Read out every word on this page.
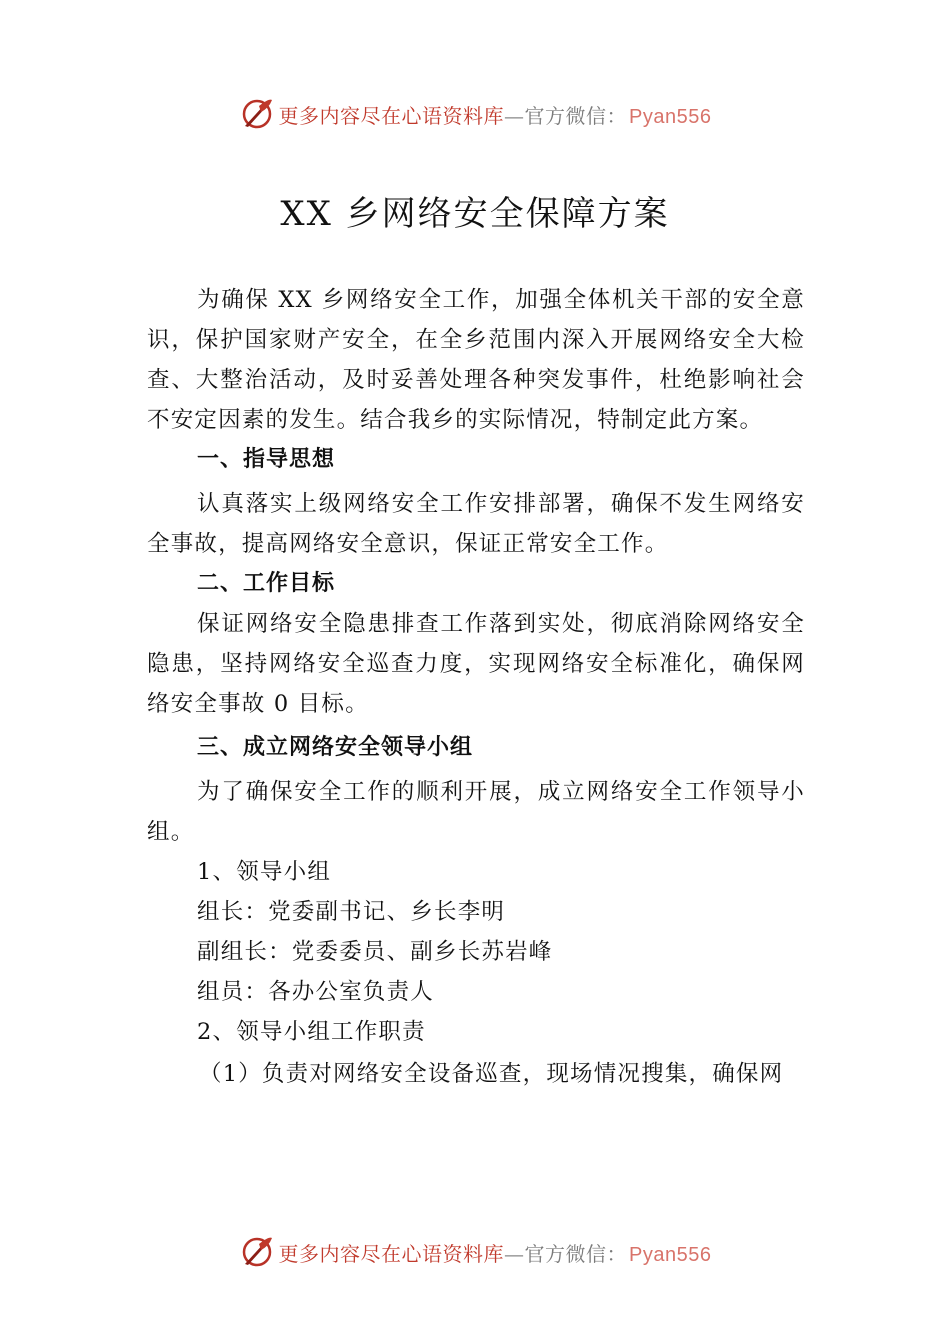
更多内容尽在心语资料库—官方微信： Pyan556
XX 乡网络安全保障方案

为确保 XX 乡网络安全工作，加强全体机关干部的安全意识，保护国家财产安全，在全乡范围内深入开展网络安全大检查、大整治活动，及时妥善处理各种突发事件，杜绝影响社会不安定因素的发生。结合我乡的实际情况，特制定此方案。

一、指导思想

认真落实上级网络安全工作安排部署，确保不发生网络安全事故，提高网络安全意识，保证正常安全工作。

二、工作目标

保证网络安全隐患排查工作落到实处，彻底消除网络安全隐患，坚持网络安全巡查力度，实现网络安全标准化，确保网络安全事故 0 目标。

三、成立网络安全领导小组

为了确保安全工作的顺利开展，成立网络安全工作领导小组。

1、领导小组

组长：党委副书记、乡长李明

副组长：党委委员、副乡长苏岩峰

组员：各办公室负责人

2、领导小组工作职责

（1）负责对网络安全设备巡查，现场情况搜集，确保网

更多内容尽在心语资料库—官方微信： Pyan556
